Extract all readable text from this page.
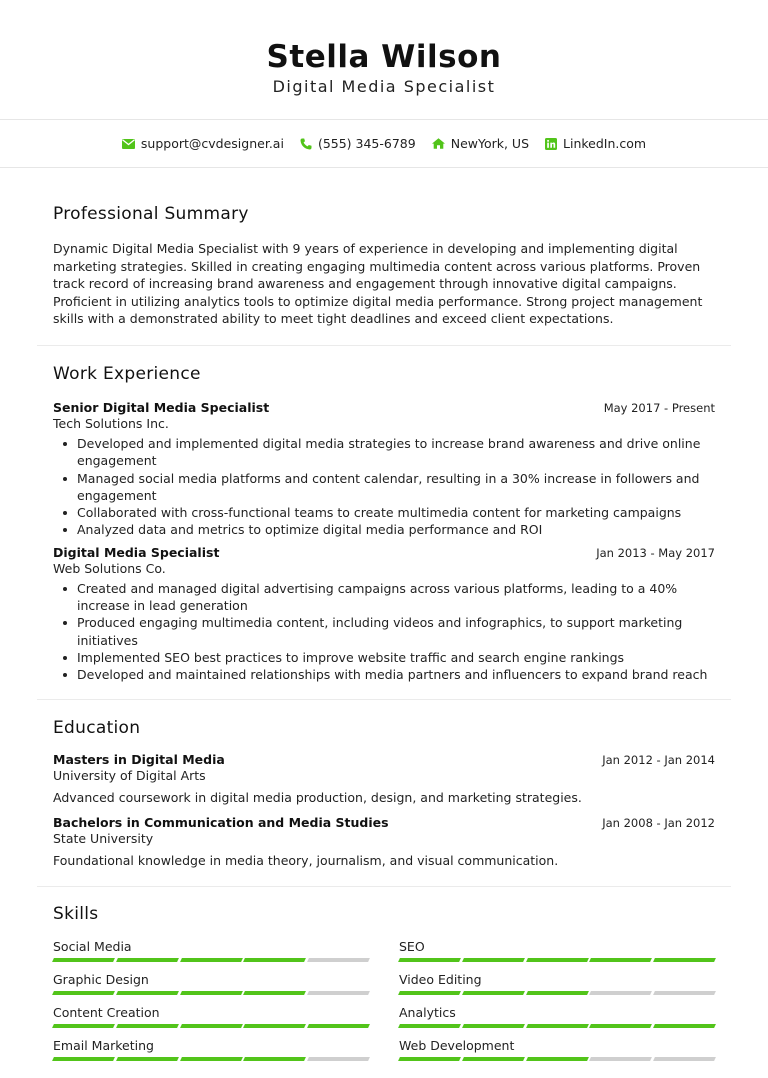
Stella Wilson
Digital Media Specialist
support@cvdesigner.ai	(555) 345-6789	NewYork, US	LinkedIn.com
Professional Summary
Dynamic Digital Media Specialist with 9 years of experience in developing and implementing digital marketing strategies. Skilled in creating engaging multimedia content across various platforms. Proven track record of increasing brand awareness and engagement through innovative digital campaigns. Proficient in utilizing analytics tools to optimize digital media performance. Strong project management skills with a demonstrated ability to meet tight deadlines and exceed client expectations.
Work Experience
Senior Digital Media Specialist	May 2017 - Present
Tech Solutions Inc.
Developed and implemented digital media strategies to increase brand awareness and drive online engagement
Managed social media platforms and content calendar, resulting in a 30% increase in followers and engagement
Collaborated with cross-functional teams to create multimedia content for marketing campaigns
Analyzed data and metrics to optimize digital media performance and ROI
Digital Media Specialist	Jan 2013 - May 2017
Web Solutions Co.
Created and managed digital advertising campaigns across various platforms, leading to a 40% increase in lead generation
Produced engaging multimedia content, including videos and infographics, to support marketing initiatives
Implemented SEO best practices to improve website traffic and search engine rankings
Developed and maintained relationships with media partners and influencers to expand brand reach
Education
Masters in Digital Media	Jan 2012 - Jan 2014
University of Digital Arts
Advanced coursework in digital media production, design, and marketing strategies.
Bachelors in Communication and Media Studies	Jan 2008 - Jan 2012
State University
Foundational knowledge in media theory, journalism, and visual communication.
Skills
Social Media	SEO
Graphic Design	Video Editing
Content Creation	Analytics
Email Marketing	Web Development
